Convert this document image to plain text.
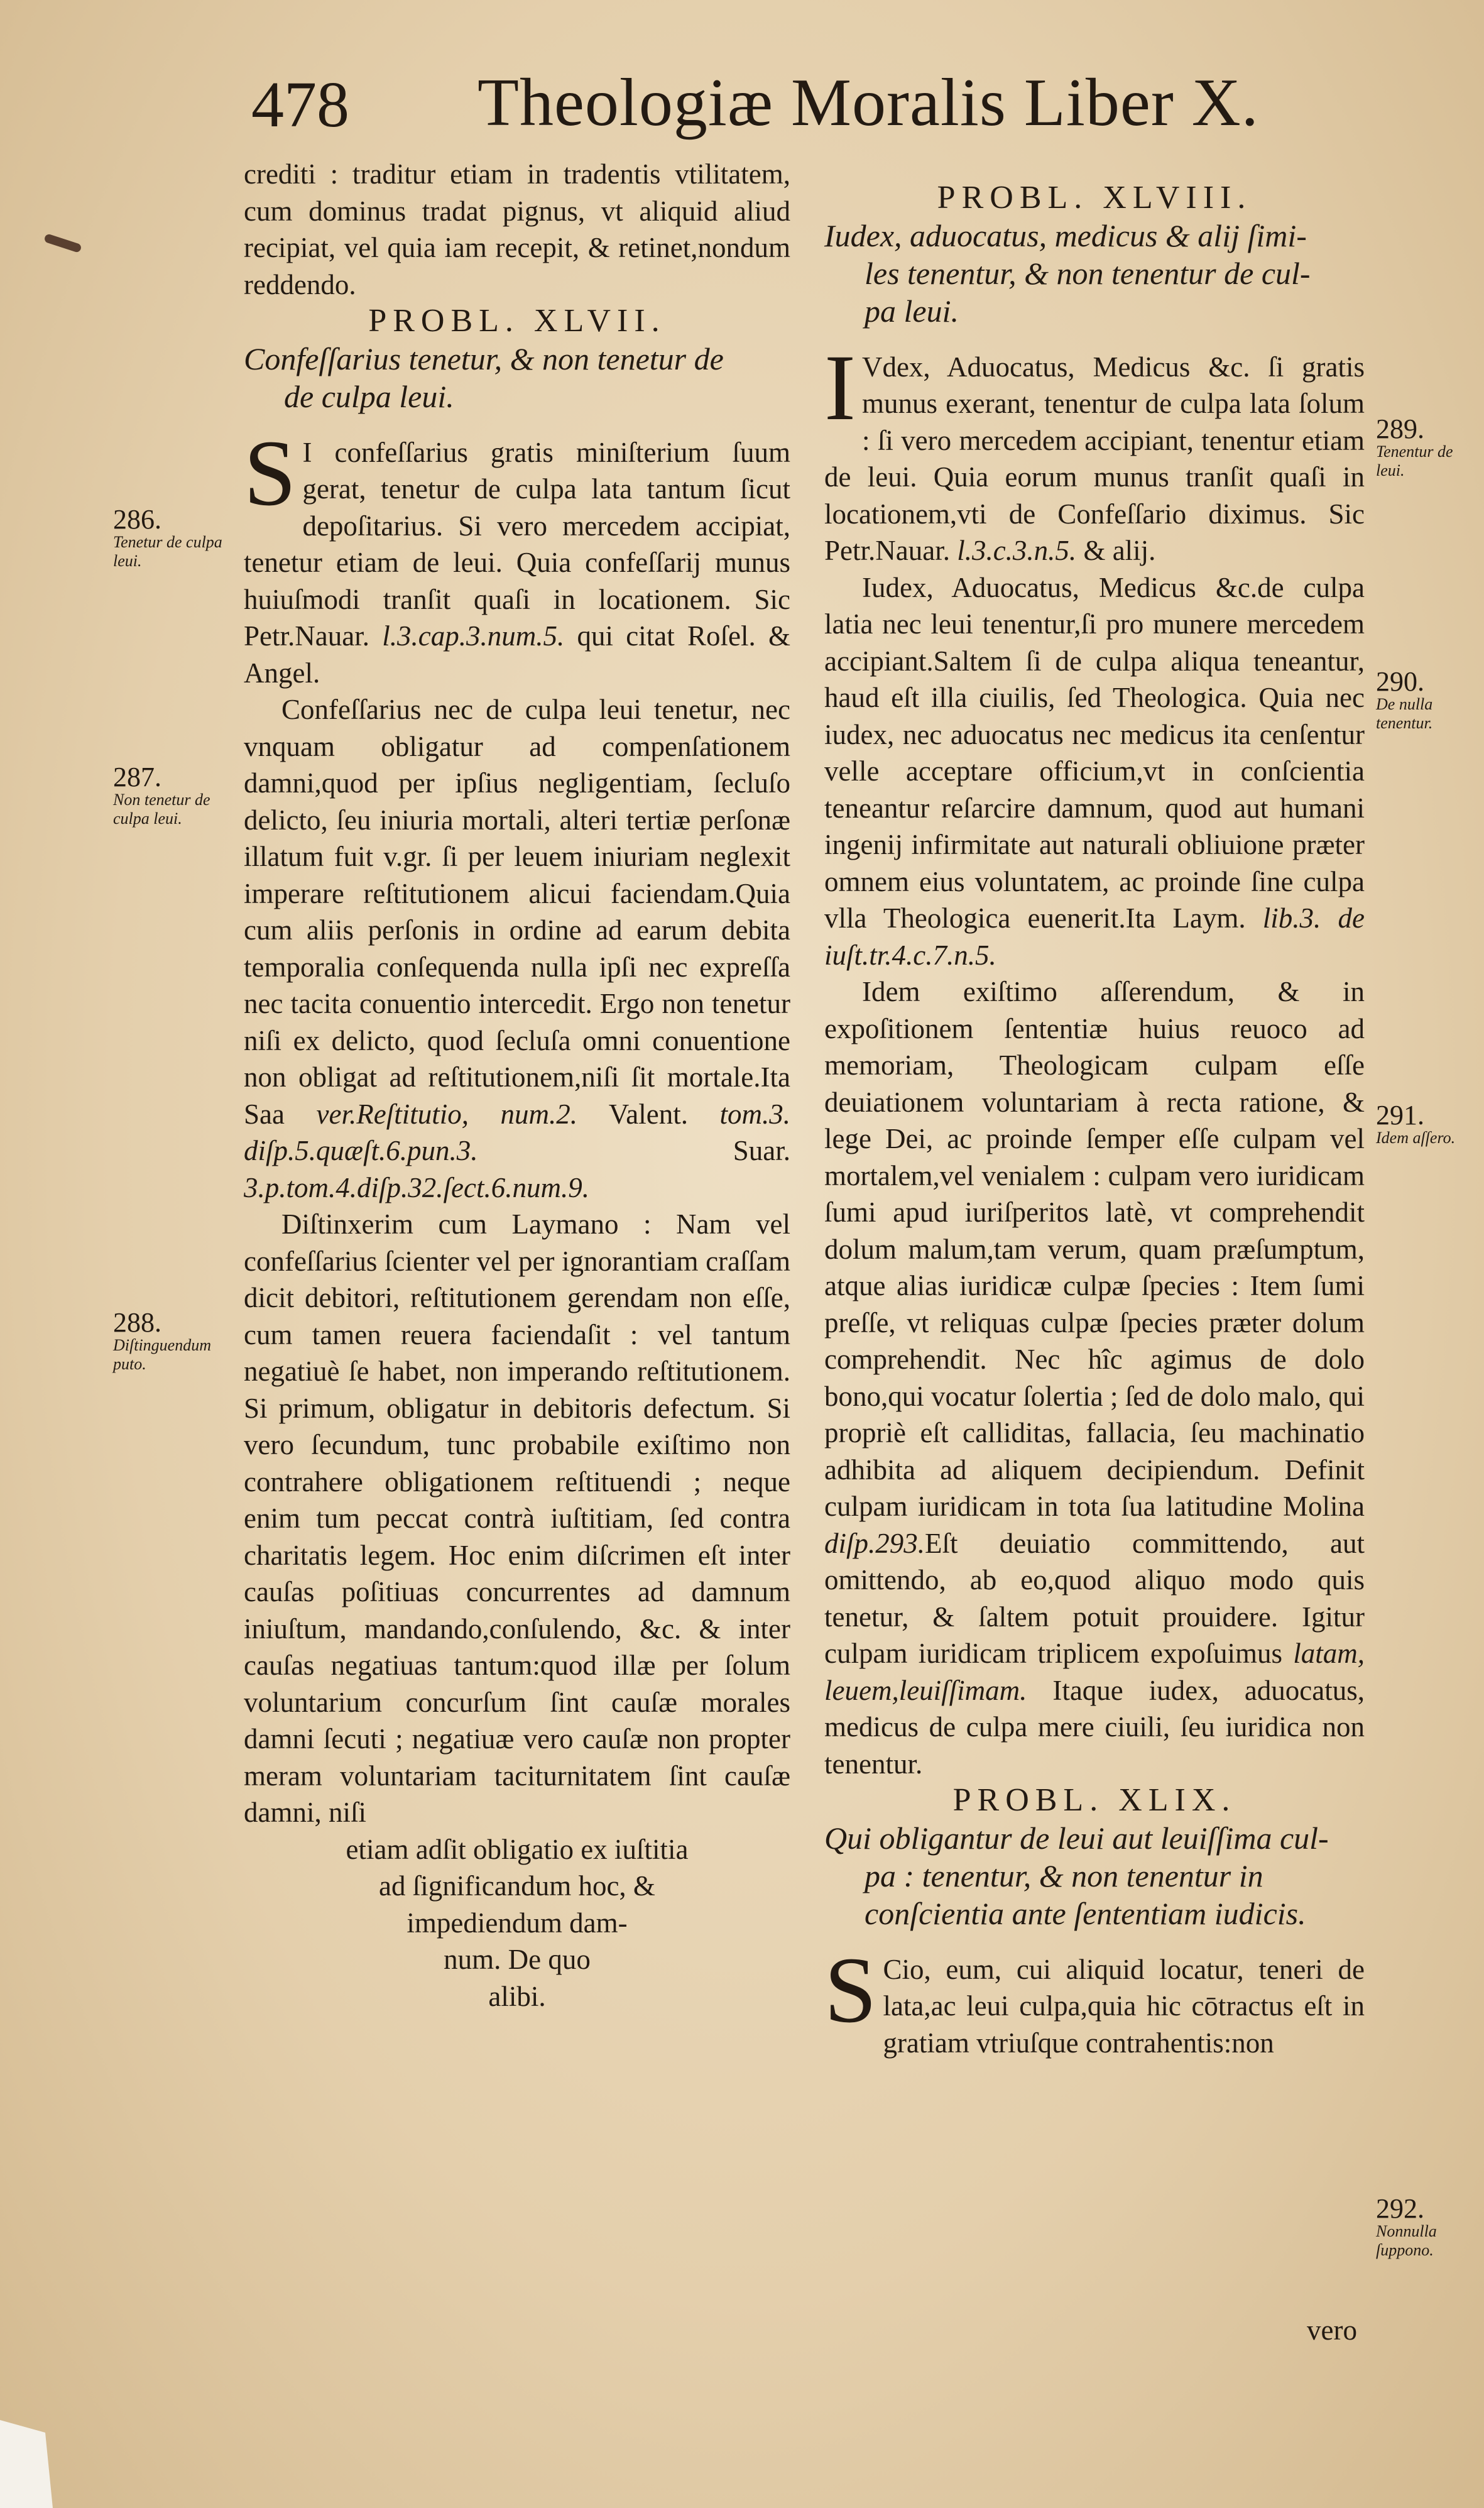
478 Theologiæ Moralis Liber X.

crediti : traditur etiam in tradentis vtilitatem, cum dominus tradat pignus, vt aliquid aliud recipiat, vel quia iam recepit, & retinet,nondum reddendo.

PROBL. XLVII.

Confeſſarius tenetur, & non tenetur de
de culpa leui.

S I confeſſarius gratis miniſterium ſuum gerat, tenetur de culpa lata tantum ſicut depoſitarius. Si vero mercedem accipiat, tenetur etiam de leui. Quia confeſſarij munus huiuſmodi tranſit quaſi in locationem. Sic Petr.Nauar. l.3.cap.3.num.5. qui citat Roſel. & Angel.

Confeſſarius nec de culpa leui tenetur, nec vnquam obligatur ad compenſationem damni,quod per ipſius negligentiam, ſecluſo delicto, ſeu iniuria mortali, alteri tertiæ perſonæ illatum fuit v.gr. ſi per leuem iniuriam neglexit imperare reſtitutionem alicui faciendam.Quia cum aliis perſonis in ordine ad earum debita temporalia conſequenda nulla ipſi nec expreſſa nec tacita conuentio intercedit. Ergo non tenetur niſi ex delicto, quod ſecluſa omni conuentione non obligat ad reſtitutionem,niſi ſit mortale.Ita Saa ver.Reſtitutio, num.2. Valent. tom.3. diſp.5.quæſt.6.pun.3.	Suar. 3.p.tom.4.diſp.32.ſect.6.num.9.

Diſtinxerim cum Laymano : Nam vel confeſſarius ſcienter vel per ignorantiam craſſam dicit debitori, reſtitutionem gerendam non eſſe, cum tamen reuera faciendaſit : vel tantum negatiuè ſe habet, non imperando reſtitutionem. Si primum, obligatur in debitoris defectum. Si vero ſecundum, tunc probabile exiſtimo non contrahere obligationem reſtituendi ; neque enim tum peccat contrà iuſtitiam, ſed contra charitatis legem. Hoc enim diſcrimen eſt inter cauſas poſitiuas concurrentes ad damnum iniuſtum, mandando,conſulendo, &c. & inter cauſas negatiuas tantum:quod illæ per ſolum voluntarium concurſum ſint cauſæ morales damni ſecuti ; negatiuæ vero cauſæ non propter meram voluntariam taciturnitatem ſint cauſæ damni, niſi

etiam adſit obligatio ex iuſtitia
ad ſignificandum hoc, &
impediendum dam-
num. De quo
alibi.
286.
Tenetur de culpa leui.
287.
Non tenetur de culpa leui.
288.
Diſtinguendum puto.

PROBL. XLVIII.

Iudex, aduocatus, medicus & alij ſimi-
les tenentur, & non tenentur de cul-
pa leui.

I Vdex, Aduocatus, Medicus &c. ſi gratis munus exerant, tenentur de culpa lata ſolum : ſi vero mercedem accipiant, tenentur etiam de leui. Quia eorum munus tranſit quaſi in locationem,vti de Confeſſario diximus. Sic Petr.Nauar. l.3.c.3.n.5. & alij.

Iudex, Aduocatus, Medicus &c.de culpa latia nec leui tenentur,ſi pro munere mercedem accipiant.Saltem ſi de culpa aliqua teneantur, haud eſt illa ciuilis, ſed Theologica. Quia nec iudex, nec aduocatus nec medicus ita cenſentur velle acceptare officium,vt in conſcientia teneantur reſarcire damnum, quod aut humani ingenij infirmitate aut naturali obliuione præter omnem eius voluntatem, ac proinde ſine culpa vlla Theologica euenerit.Ita Laym. lib.3. de iuſt.tr.4.c.7.n.5.

Idem exiſtimo aſſerendum, & in expoſitionem ſententiæ huius reuoco ad memoriam, Theologicam culpam eſſe deuiationem voluntariam à recta ratione, & lege Dei, ac proinde ſemper eſſe culpam vel mortalem,vel venialem : culpam vero iuridicam ſumi apud iuriſperitos latè, vt comprehendit dolum malum,tam verum, quam præſumptum, atque alias iuridicæ culpæ ſpecies : Item ſumi preſſe, vt reliquas culpæ ſpecies præter dolum comprehendit. Nec hîc agimus de dolo bono,qui vocatur ſolertia ; ſed de dolo malo, qui propriè eſt calliditas, fallacia, ſeu machinatio adhibita ad aliquem decipiendum. Definit culpam iuridicam in tota ſua latitudine Molina diſp.293.Eſt deuiatio committendo, aut omittendo, ab eo,quod aliquo modo quis tenetur, & ſaltem potuit prouidere. Igitur culpam iuridicam triplicem expoſuimus latam, leuem,leuiſſimam. Itaque iudex, aduocatus, medicus de culpa mere ciuili, ſeu iuridica non tenentur.

PROBL. XLIX.

Qui obligantur de leui aut leuiſſima cul-
pa : tenentur, & non tenentur in
conſcientia ante ſententiam iudicis.

S Cio, eum, cui aliquid locatur, teneri de lata,ac leui culpa,quia hic cōtractus eſt in gratiam vtriuſque contrahentis:non

vero
289.
Tenentur de leui.
290.
De nulla tenentur.
291.
Idem aſſero.
292.
Nonnulla ſuppono.
